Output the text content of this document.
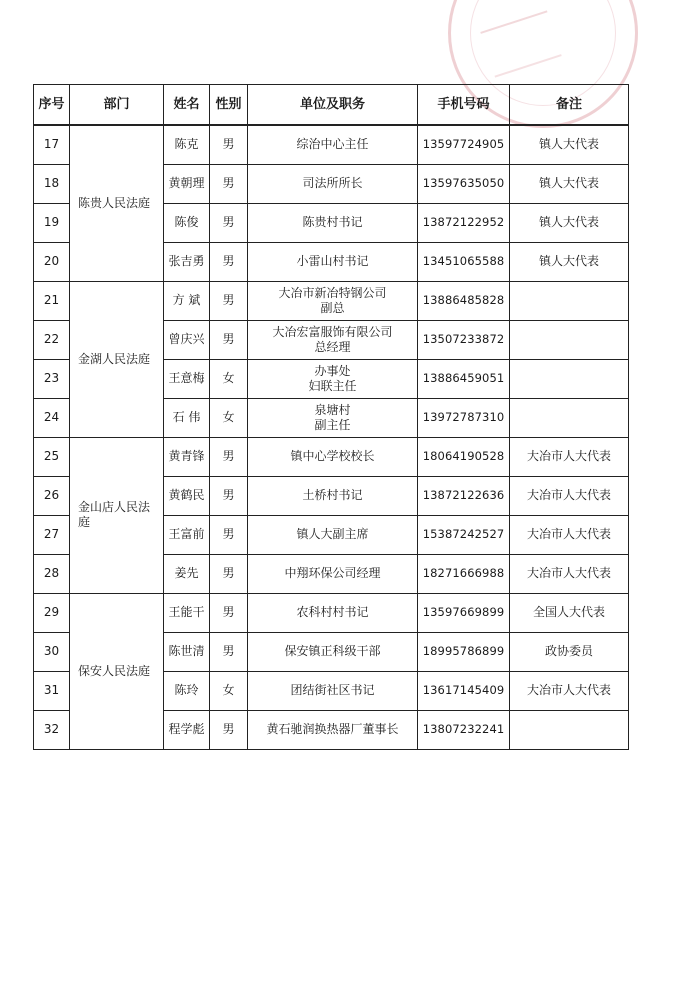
序号	部门	姓名	性别	单位及职务	手机号码	备注
17	陈贵人民法庭	陈克	男	综治中心主任	13597724905	镇人大代表
18		黄朝理	男	司法所所长	13597635050	镇人大代表
19		陈俊	男	陈贵村书记	13872122952	镇人大代表
20		张吉勇	男	小雷山村书记	13451065588	镇人大代表
21	金湖人民法庭	方 斌	男	大冶市新冶特钢公司
副总	13886485828	
22		曾庆兴	男	大冶宏富服饰有限公司
总经理	13507233872	
23		王意梅	女	办事处
妇联主任	13886459051	
24		石 伟	女	泉塘村
副主任	13972787310	
25	金山店人民法庭	黄青锋	男	镇中心学校校长	18064190528	大冶市人大代表
26		黄鹤民	男	土桥村书记	13872122636	大冶市人大代表
27		王富前	男	镇人大副主席	15387242527	大冶市人大代表
28		姜先	男	中翔环保公司经理	18271666988	大冶市人大代表
29	保安人民法庭	王能干	男	农科村村书记	13597669899	全国人大代表
30		陈世清	男	保安镇正科级干部	18995786899	政协委员
31		陈玲	女	团结街社区书记	13617145409	大冶市人大代表
32		程学彪	男	黄石驰润换热器厂董事长	13807232241	
